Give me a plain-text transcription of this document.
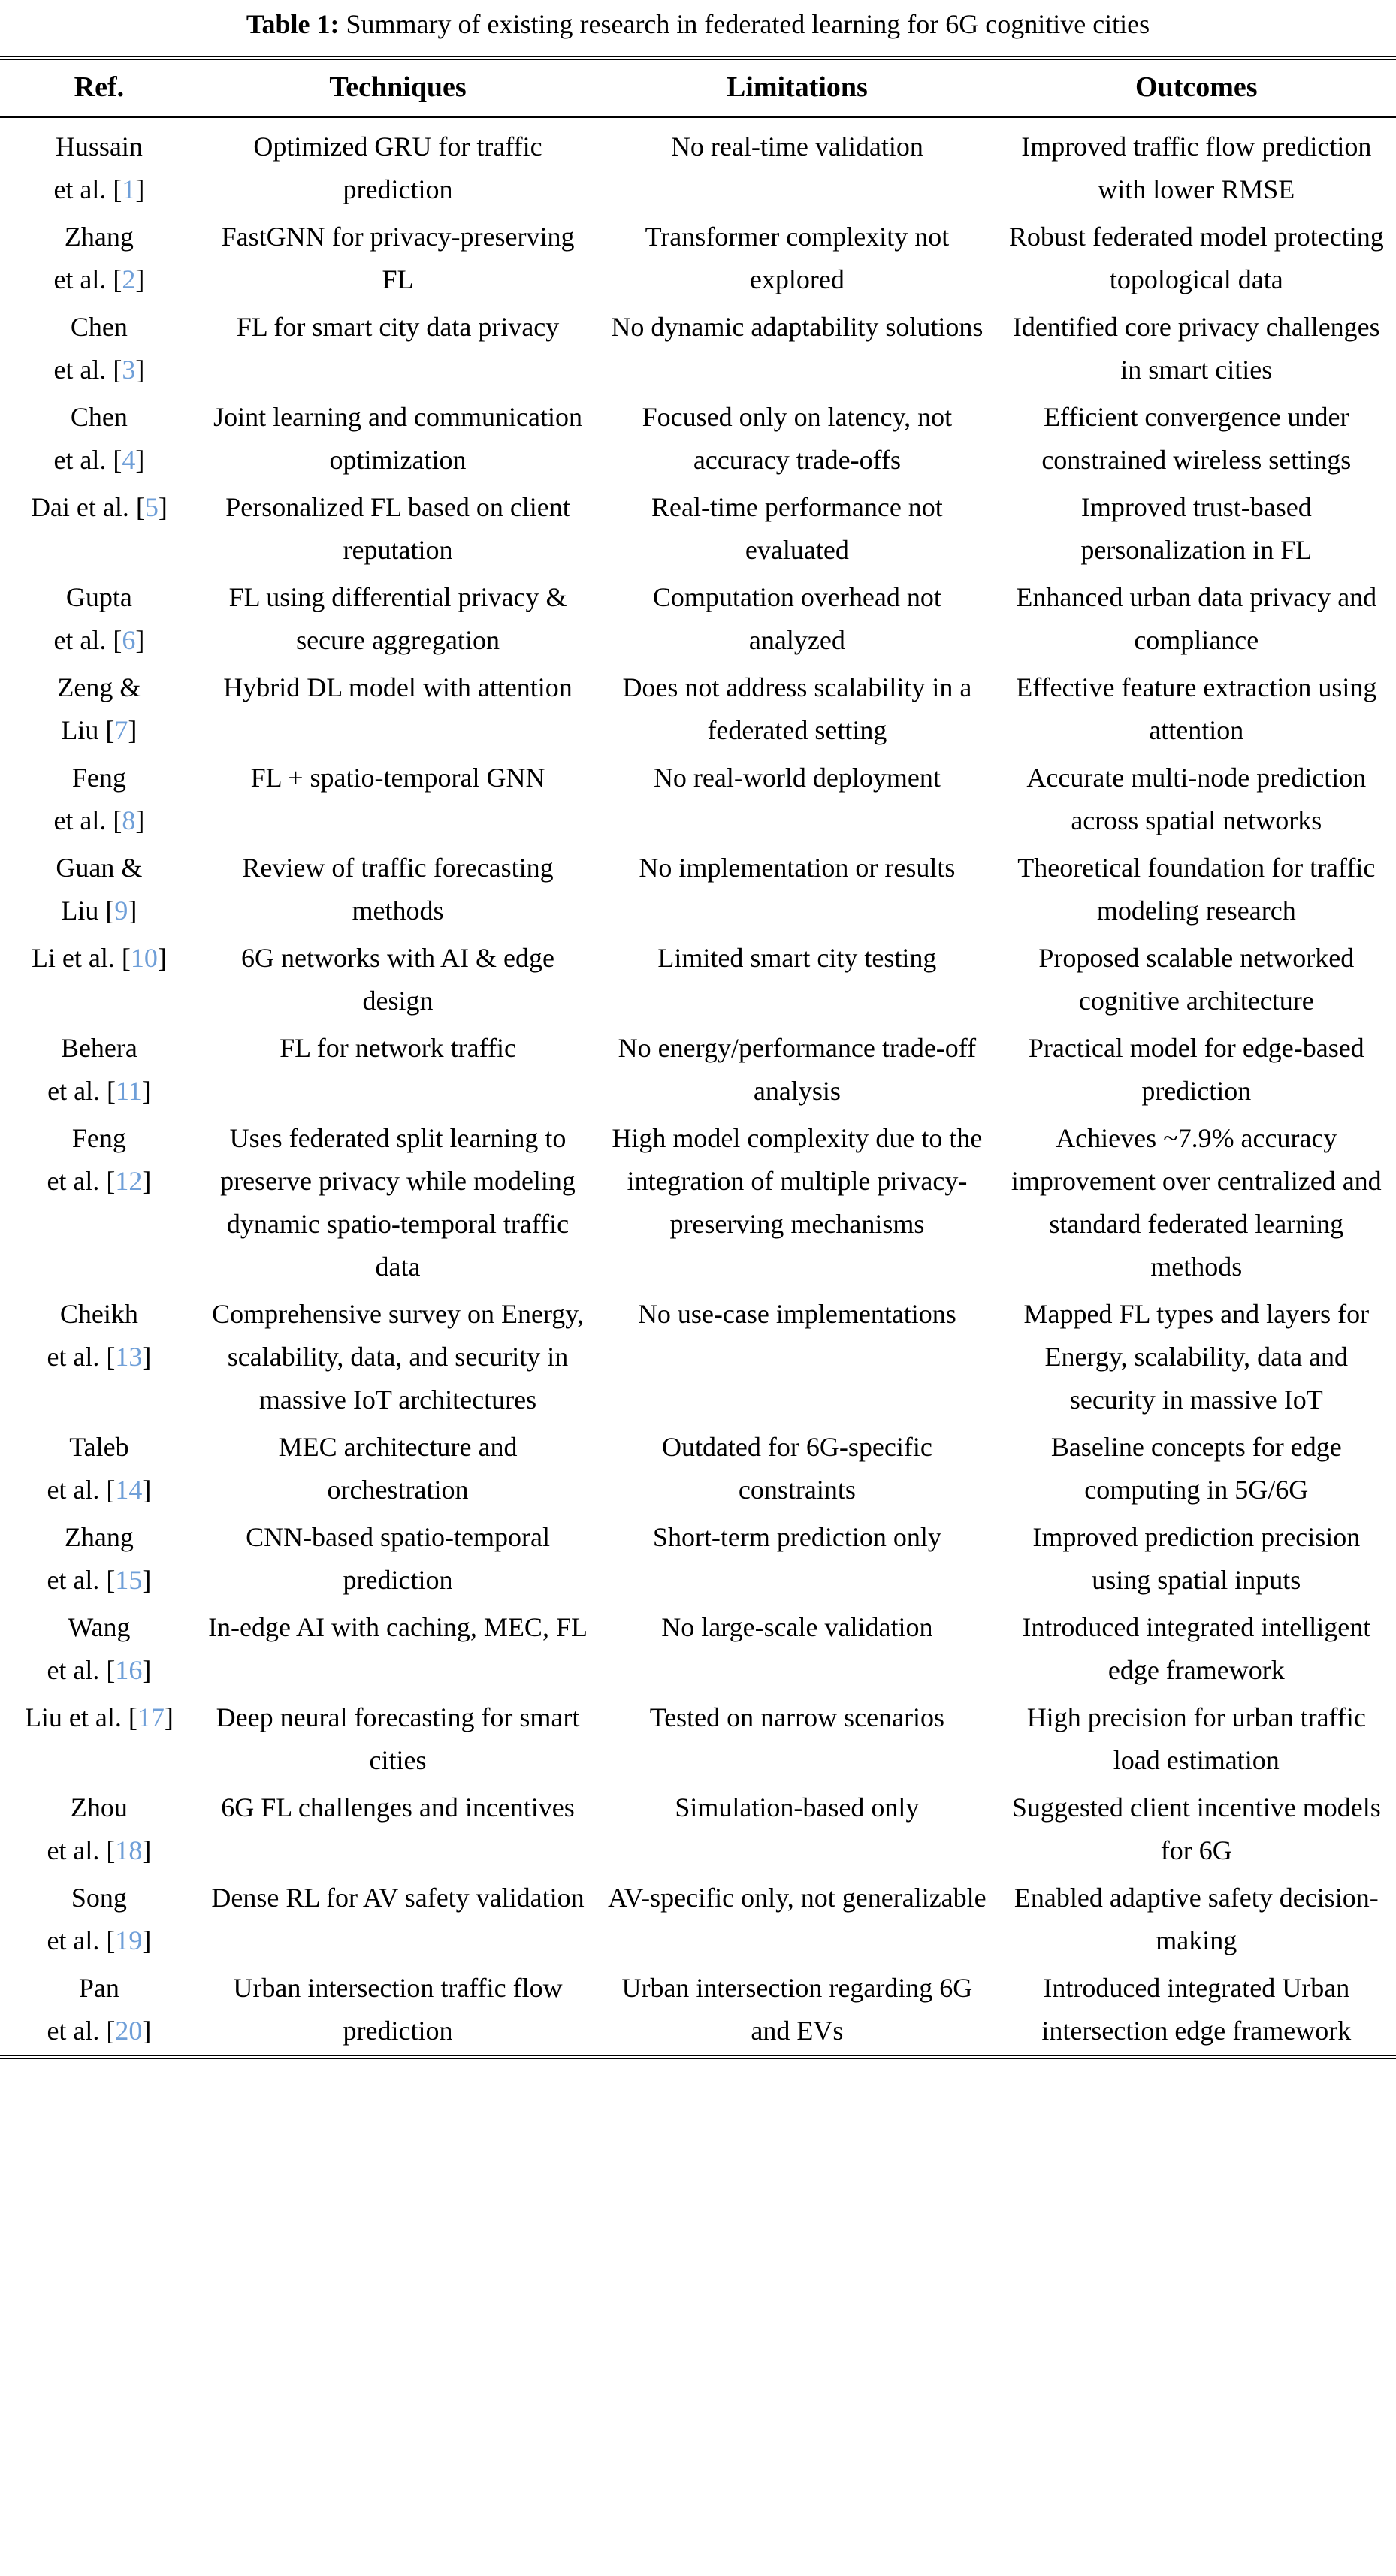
Table 1: Summary of existing research in federated learning for 6G cognitive cities
Ref.	Techniques	Limitations	Outcomes
Hussain
et al. [1]	Optimized GRU for traffic prediction	No real-time validation	Improved traffic flow prediction with lower RMSE
Zhang
et al. [2]	FastGNN for privacy-preserving FL	Transformer complexity not explored	Robust federated model protecting topological data
Chen
et al. [3]	FL for smart city data privacy	No dynamic adaptability solutions	Identified core privacy challenges in smart cities
Chen
et al. [4]	Joint learning and communication optimization	Focused only on latency, not accuracy trade-offs	Efficient convergence under constrained wireless settings
Dai et al. [5]	Personalized FL based on client reputation	Real-time performance not evaluated	Improved trust-based personalization in FL
Gupta
et al. [6]	FL using differential privacy & secure aggregation	Computation overhead not analyzed	Enhanced urban data privacy and compliance
Zeng &
Liu [7]	Hybrid DL model with attention	Does not address scalability in a federated setting	Effective feature extraction using attention
Feng
et al. [8]	FL + spatio-temporal GNN	No real-world deployment	Accurate multi-node prediction across spatial networks
Guan &
Liu [9]	Review of traffic forecasting methods	No implementation or results	Theoretical foundation for traffic modeling research
Li et al. [10]	6G networks with AI & edge design	Limited smart city testing	Proposed scalable networked cognitive architecture
Behera
et al. [11]	FL for network traffic	No energy/performance trade-off analysis	Practical model for edge-based prediction
Feng
et al. [12]	Uses federated split learning to preserve privacy while modeling dynamic spatio-temporal traffic data	High model complexity due to the integration of multiple privacy-preserving mechanisms	Achieves ~7.9% accuracy improvement over centralized and standard federated learning methods
Cheikh
et al. [13]	Comprehensive survey on Energy, scalability, data, and security in massive IoT architectures	No use-case implementations	Mapped FL types and layers for Energy, scalability, data and security in massive IoT
Taleb
et al. [14]	MEC architecture and orchestration	Outdated for 6G-specific constraints	Baseline concepts for edge computing in 5G/6G
Zhang
et al. [15]	CNN-based spatio-temporal prediction	Short-term prediction only	Improved prediction precision using spatial inputs
Wang
et al. [16]	In-edge AI with caching, MEC, FL	No large-scale validation	Introduced integrated intelligent edge framework
Liu et al. [17]	Deep neural forecasting for smart cities	Tested on narrow scenarios	High precision for urban traffic load estimation
Zhou
et al. [18]	6G FL challenges and incentives	Simulation-based only	Suggested client incentive models for 6G
Song
et al. [19]	Dense RL for AV safety validation	AV-specific only, not generalizable	Enabled adaptive safety decision-making
Pan
et al. [20]	Urban intersection traffic flow prediction	Urban intersection regarding 6G and EVs	Introduced integrated Urban intersection edge framework
